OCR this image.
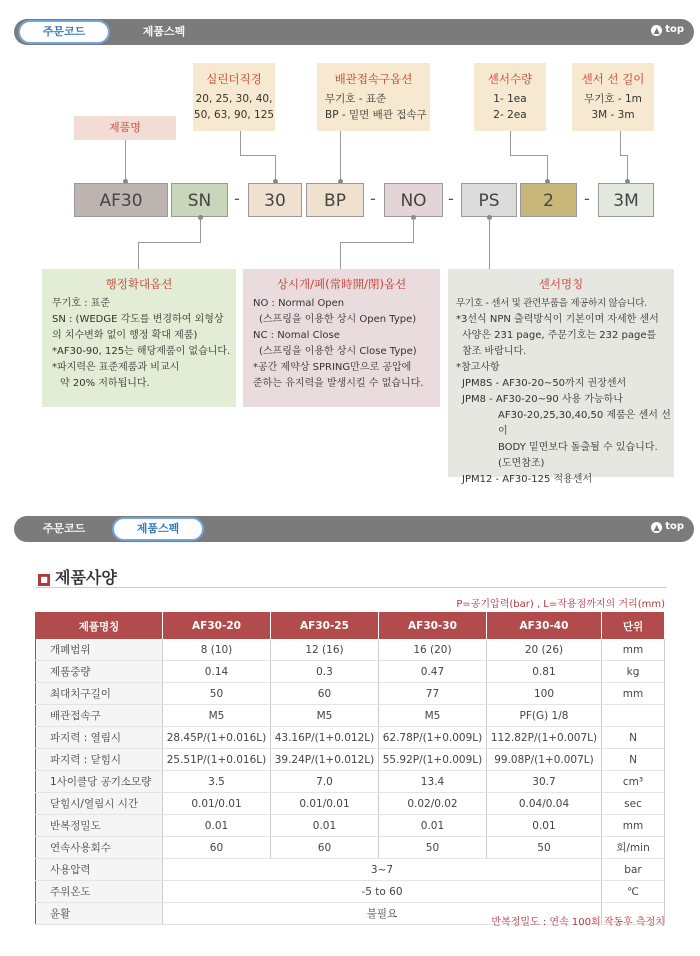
주문코드	제품스펙	▲ top
제품명
실린더직경
20, 25, 30, 40,
50, 63, 90, 125
배관접속구옵션
무기호 - 표준
BP - 밑면 배관 접속구
센서수량
1- 1ea
2- 2ea
센서 선 길이
무기호 - 1m
3M - 3m
AF30	SN	-	30	BP	-	NO	-	PS	2	-	3M
행정확대옵션
무기호 : 표준
SN : (WEDGE 각도를 변경하여 외형상
의 치수변화 없이 행정 확대 제품)
*AF30-90, 125는 해당제품이 없습니다.
*파지력은 표준제품과 비교시
약 20% 저하됩니다.
상시개/폐(常時開/閉)옵션
NO : Normal Open
(스프링을 이용한 상시 Open Type)
NC : Nomal Close
(스프링을 이용한 상시 Close Type)
*공간 제약상 SPRING만으로 공압에
준하는 유지력을 발생시킬 수 없습니다.
센서명칭
무기호 - 센서 및 관련부품을 제공하지 않습니다.
*3선식 NPN 출력방식이 기본이며 자세한 센서
사양은 231 page, 주문기호는 232 page를
참조 바랍니다.
*참고사항
JPM8S - AF30-20~50까지 권장센서
JPM8 - AF30-20~90 사용 가능하나
AF30-20,25,30,40,50 제품은 센서 선이
BODY 밑면보다 돌출될 수 있습니다.
(도면참조)
JPM12 - AF30-125 적용센서
주문코드	제품스펙	▲ top
■ 제품사양
P=공기압력(bar) , L=작용점까지의 거리(mm)
제품명칭	AF30-20	AF30-25	AF30-30	AF30-40	단위
개폐범위	8 (10)	12 (16)	16 (20)	20 (26)	mm
제품중량	0.14	0.3	0.47	0.81	kg
최대치구길이	50	60	77	100	mm
배관접속구	M5	M5	M5	PF(G) 1/8	
파지력 : 열림시	28.45P/(1+0.016L)	43.16P/(1+0.012L)	62.78P/(1+0.009L)	112.82P/(1+0.007L)	N
파지력 : 닫힘시	25.51P/(1+0.016L)	39.24P/(1+0.012L)	55.92P/(1+0.009L)	99.08P/(1+0.007L)	N
1사이클당 공기소모량	3.5	7.0	13.4	30.7	cm³
닫힘시/열림시 시간	0.01/0.01	0.01/0.01	0.02/0.02	0.04/0.04	sec
반복정밀도	0.01	0.01	0.01	0.01	mm
연속사용회수	60	60	50	50	회/min
사용압력	3~7				bar
주위온도	-5 to 60				℃
윤활	불필요				
반복정밀도 : 연속 100회 작동후 측정치
